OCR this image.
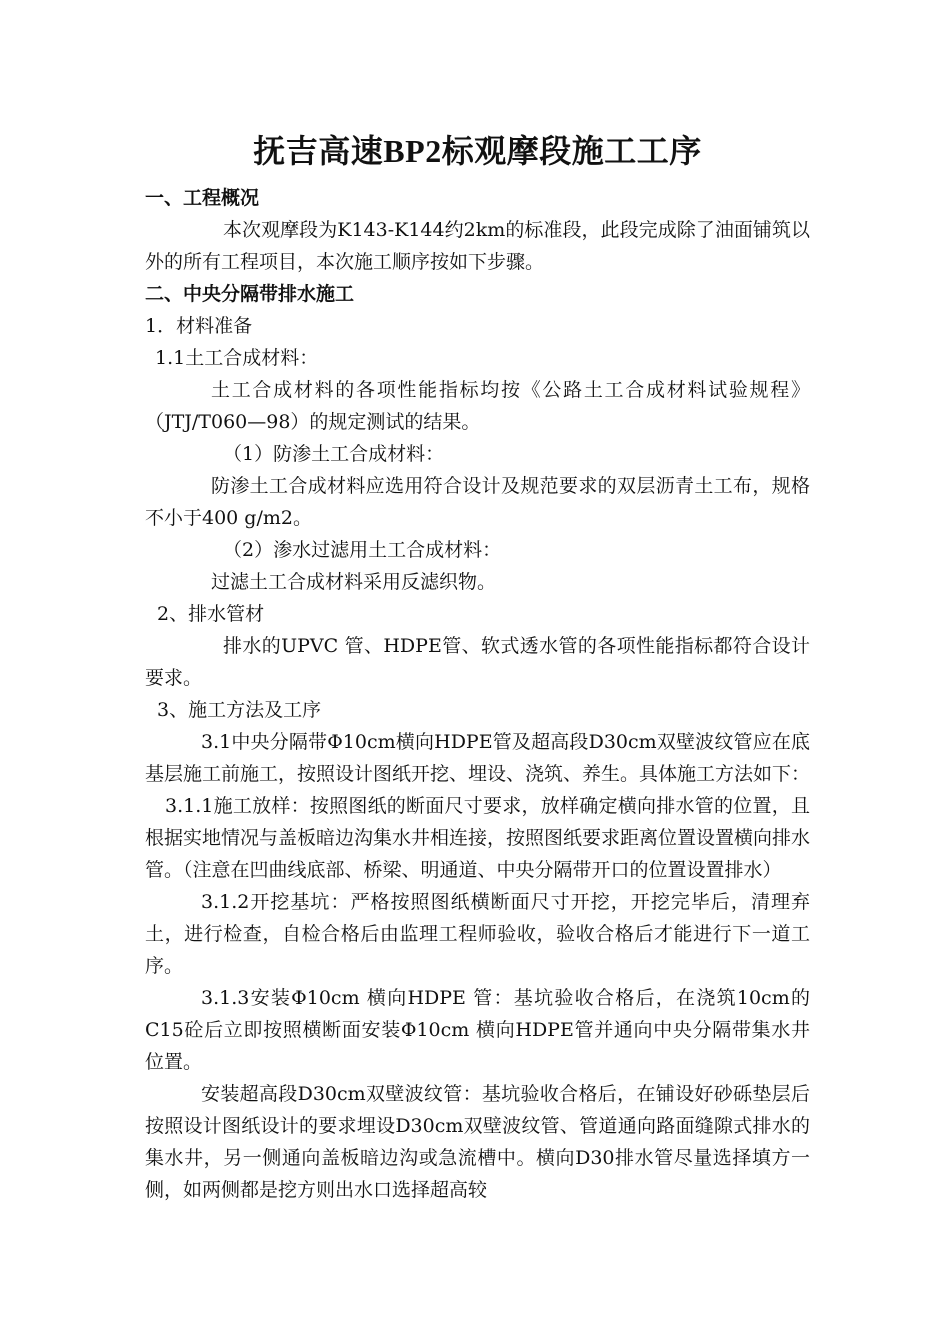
抚吉高速BP2标观摩段施工工序
一、工程概况
本次观摩段为K143-K144约2km的标准段，此段完成除了油面铺筑以外的所有工程项目，本次施工顺序按如下步骤。
二、中央分隔带排水施工
1．材料准备
1.1土工合成材料：
土工合成材料的各项性能指标均按《公路土工合成材料试验规程》（JTJ/T060—98）的规定测试的结果。
（1）防渗土工合成材料：
防渗土工合成材料应选用符合设计及规范要求的双层沥青土工布，规格不小于400 g/m2。
（2）渗水过滤用土工合成材料：
过滤土工合成材料采用反滤织物。
2、排水管材
排水的UPVC 管、HDPE管、软式透水管的各项性能指标都符合设计要求。
3、施工方法及工序
3.1中央分隔带Φ10cm横向HDPE管及超高段D30cm双壁波纹管应在底基层施工前施工，按照设计图纸开挖、埋设、浇筑、养生。具体施工方法如下：
3.1.1施工放样：按照图纸的断面尺寸要求，放样确定横向排水管的位置，且根据实地情况与盖板暗边沟集水井相连接，按照图纸要求距离位置设置横向排水管。（注意在凹曲线底部、桥梁、明通道、中央分隔带开口的位置设置排水）
3.1.2开挖基坑：严格按照图纸横断面尺寸开挖，开挖完毕后，清理弃土，进行检查，自检合格后由监理工程师验收，验收合格后才能进行下一道工序。
3.1.3安装Φ10cm 横向HDPE 管：基坑验收合格后，在浇筑10cm的C15砼后立即按照横断面安装Φ10cm 横向HDPE管并通向中央分隔带集水井位置。
安装超高段D30cm双壁波纹管：基坑验收合格后，在铺设好砂砾垫层后按照设计图纸设计的要求埋设D30cm双壁波纹管、管道通向路面缝隙式排水的集水井，另一侧通向盖板暗边沟或急流槽中。横向D30排水管尽量选择填方一侧，如两侧都是挖方则出水口选择超高较
